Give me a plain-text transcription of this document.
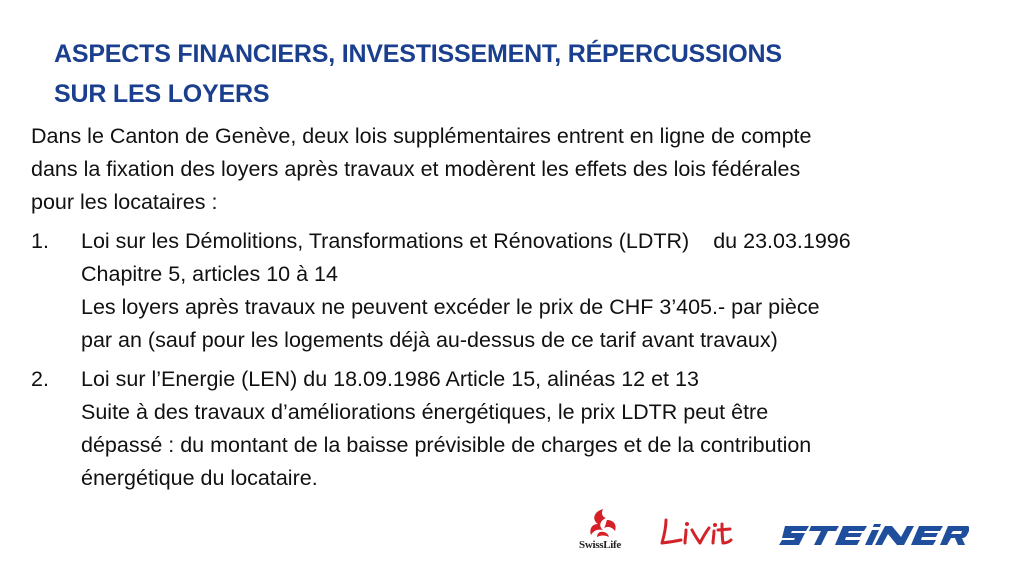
ASPECTS FINANCIERS, INVESTISSEMENT, RÉPERCUSSIONS
SUR LES LOYERS
Dans le Canton de Genève, deux lois supplémentaires entrent en ligne de compte
dans la fixation des loyers après travaux et modèrent les effets des lois fédérales
pour les locataires :
1.	Loi sur les Démolitions, Transformations et Rénovations (LDTR) du 23.03.1996
Chapitre 5, articles 10 à 14
Les loyers après travaux ne peuvent excéder le prix de CHF 3’405.- par pièce
par an (sauf pour les logements déjà au-dessus de ce tarif avant travaux)
2.	Loi sur l’Energie (LEN) du 18.09.1986 Article 15, alinéas 12 et 13
Suite à des travaux d’améliorations énergétiques, le prix LDTR peut être
dépassé : du montant de la baisse prévisible de charges et de la contribution
énergétique du locataire.
SwissLife
